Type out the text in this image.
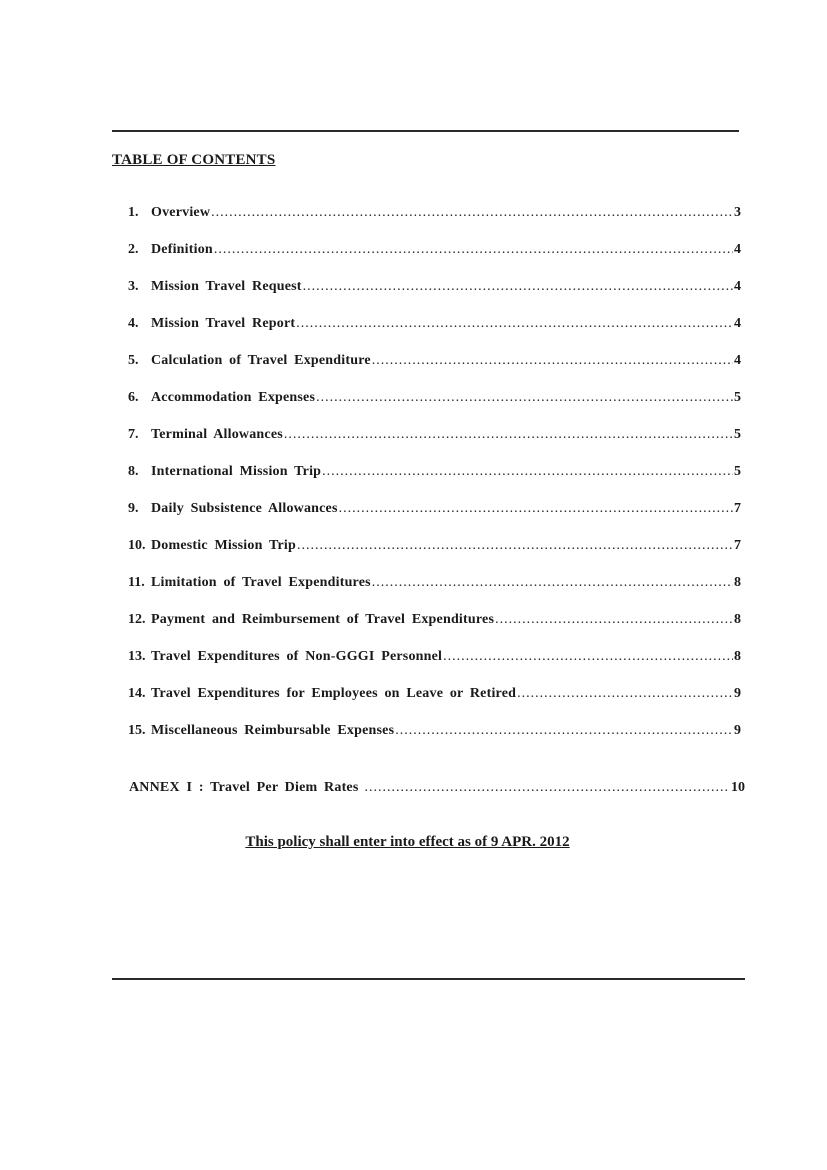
TABLE OF CONTENTS
1. Overview .....	3
2. Definition .....	4
3. Mission Travel Request .....	4
4. Mission Travel Report .....	4
5. Calculation of Travel Expenditure .....	4
6. Accommodation Expenses .....	5
7. Terminal Allowances .....	5
8. International Mission Trip .....	5
9. Daily Subsistence Allowances .....	7
10. Domestic Mission Trip .....	7
11. Limitation of Travel Expenditures .....	8
12. Payment and Reimbursement of Travel Expenditures .....	8
13. Travel Expenditures of Non-GGGI Personnel .....	8
14. Travel Expenditures for Employees on Leave or Retired .....	9
15. Miscellaneous Reimbursable Expenses .....	9
ANNEX I : Travel Per Diem Rates .....	10
This policy shall enter into effect as of 9 APR. 2012
